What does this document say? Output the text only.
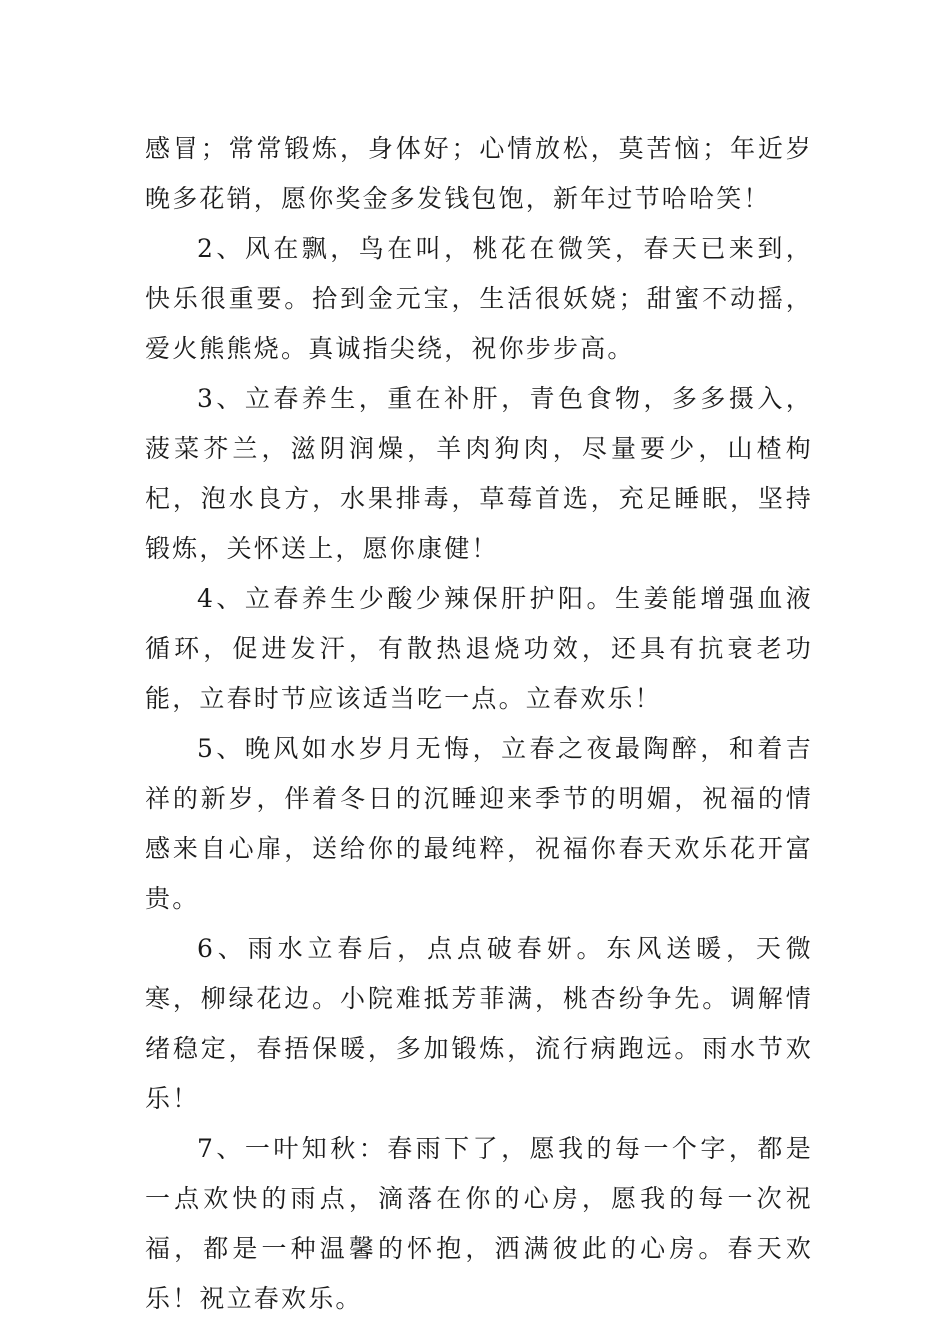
感冒；常常锻炼，身体好；心情放松，莫苦恼；年近岁晚多花销，愿你奖金多发钱包饱，新年过节哈哈笑！

2、风在飘，鸟在叫，桃花在微笑，春天已来到，快乐很重要。拾到金元宝，生活很妖娆；甜蜜不动摇，爱火熊熊烧。真诚指尖绕，祝你步步高。

3、立春养生，重在补肝，青色食物，多多摄入，菠菜芥兰，滋阴润燥，羊肉狗肉，尽量要少，山楂枸杞，泡水良方，水果排毒，草莓首选，充足睡眠，坚持锻炼，关怀送上，愿你康健！

4、立春养生少酸少辣保肝护阳。生姜能增强血液循环，促进发汗，有散热退烧功效，还具有抗衰老功能，立春时节应该适当吃一点。立春欢乐！

5、晚风如水岁月无悔，立春之夜最陶醉，和着吉祥的新岁，伴着冬日的沉睡迎来季节的明媚，祝福的情感来自心扉，送给你的最纯粹，祝福你春天欢乐花开富贵。

6、雨水立春后，点点破春妍。东风送暖，天微寒，柳绿花边。小院难抵芳菲满，桃杏纷争先。调解情绪稳定，春捂保暖，多加锻炼，流行病跑远。雨水节欢乐！

7、一叶知秋：春雨下了，愿我的每一个字，都是一点欢快的雨点，滴落在你的心房，愿我的每一次祝福，都是一种温馨的怀抱，洒满彼此的心房。春天欢乐！祝立春欢乐。
